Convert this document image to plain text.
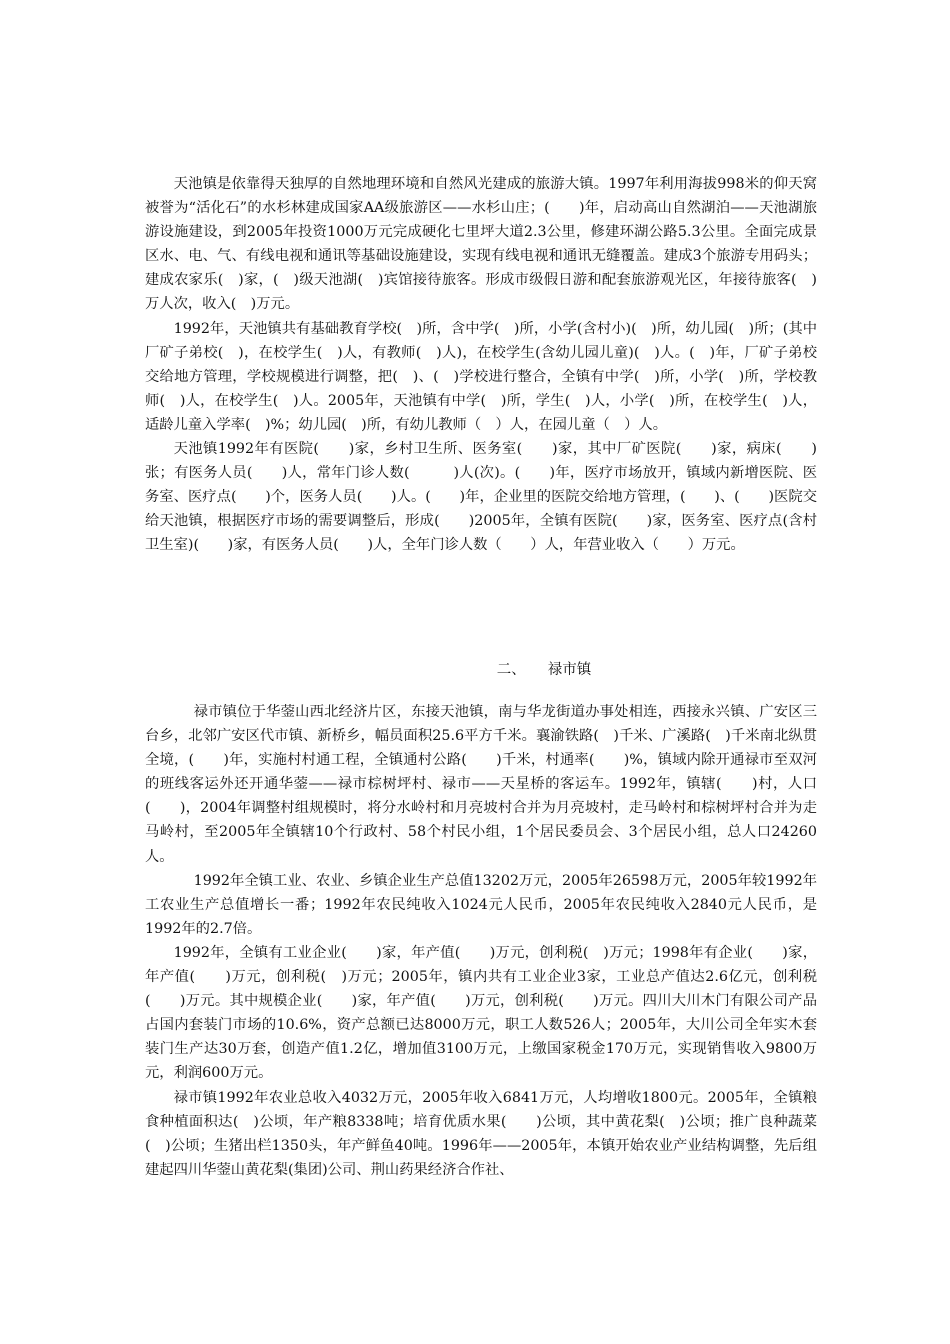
天池镇是依靠得天独厚的自然地理环境和自然风光建成的旅游大镇。1997年利用海拔998米的仰天窝被誉为“活化石”的水杉林建成国家AA级旅游区——水杉山庄；(　　)年，启动高山自然湖泊——天池湖旅游设施建设，到2005年投资1000万元完成硬化七里坪大道2.3公里，修建环湖公路5.3公里。全面完成景区水、电、气、有线电视和通讯等基础设施建设，实现有线电视和通讯无缝覆盖。建成3个旅游专用码头；建成农家乐(　)家，(　)级天池湖(　)宾馆接待旅客。形成市级假日游和配套旅游观光区，年接待旅客(　)万人次，收入(　)万元。

1992年，天池镇共有基础教育学校(　)所，含中学(　)所，小学(含村小)(　)所，幼儿园(　)所；(其中厂矿子弟校(　)，在校学生(　)人，有教师(　)人)，在校学生(含幼儿园儿童)(　)人。(　)年，厂矿子弟校交给地方管理，学校规模进行调整，把(　)、(　)学校进行整合，全镇有中学(　)所，小学(　)所，学校教师(　)人，在校学生(　)人。2005年，天池镇有中学(　)所，学生(　)人，小学(　)所，在校学生(　)人，适龄儿童入学率(　)%；幼儿园(　)所，有幼儿教师（　）人，在园儿童（　）人。

天池镇1992年有医院(　　)家，乡村卫生所、医务室(　　)家，其中厂矿医院(　　)家，病床(　　)张；有医务人员(　　)人，常年门诊人数(　　　)人(次)。(　　)年，医疗市场放开，镇域内新增医院、医务室、医疗点(　　)个，医务人员(　　)人。(　　)年，企业里的医院交给地方管理，(　　)、(　　)医院交给天池镇，根据医疗市场的需要调整后，形成(　　)2005年，全镇有医院(　　)家，医务室、医疗点(含村卫生室)(　　)家，有医务人员(　　)人，全年门诊人数（　　）人，年营业收入（　　）万元。

二、 禄市镇

禄市镇位于华蓥山西北经济片区，东接天池镇，南与华龙街道办事处相连，西接永兴镇、广安区三台乡，北邻广安区代市镇、新桥乡，幅员面积25.6平方千米。襄渝铁路(　)千米、广溪路(　)千米南北纵贯全境，(　　)年，实施村村通工程，全镇通村公路(　　)千米，村通率(　　)%，镇域内除开通禄市至双河的班线客运外还开通华蓥——禄市棕树坪村、禄市——天星桥的客运车。1992年，镇辖(　　)村，人口(　　)，2004年调整村组规模时，将分水岭村和月亮坡村合并为月亮坡村，走马岭村和棕树坪村合并为走马岭村，至2005年全镇辖10个行政村、58个村民小组，1个居民委员会、3个居民小组，总人口24260人。

1992年全镇工业、农业、乡镇企业生产总值13202万元，2005年26598万元，2005年较1992年工农业生产总值增长一番；1992年农民纯收入1024元人民币，2005年农民纯收入2840元人民币，是1992年的2.7倍。

1992年，全镇有工业企业(　　)家，年产值(　　)万元，创利税(　)万元；1998年有企业(　　)家，年产值(　　)万元，创利税(　)万元；2005年，镇内共有工业企业3家，工业总产值达2.6亿元，创利税(　　)万元。其中规模企业(　　)家，年产值(　　)万元，创利税(　　)万元。四川大川木门有限公司产品占国内套装门市场的10.6%，资产总额已达8000万元，职工人数526人；2005年，大川公司全年实木套装门生产达30万套，创造产值1.2亿，增加值3100万元，上缴国家税金170万元，实现销售收入9800万元，利润600万元。

禄市镇1992年农业总收入4032万元，2005年收入6841万元，人均增收1800元。2005年，全镇粮食种植面积达(　)公顷，年产粮8338吨；培育优质水果(　　)公顷，其中黄花梨(　)公顷；推广良种蔬菜(　)公顷；生猪出栏1350头，年产鲜鱼40吨。1996年——2005年，本镇开始农业产业结构调整，先后组建起四川华蓥山黄花梨(集团)公司、荆山药果经济合作社、
